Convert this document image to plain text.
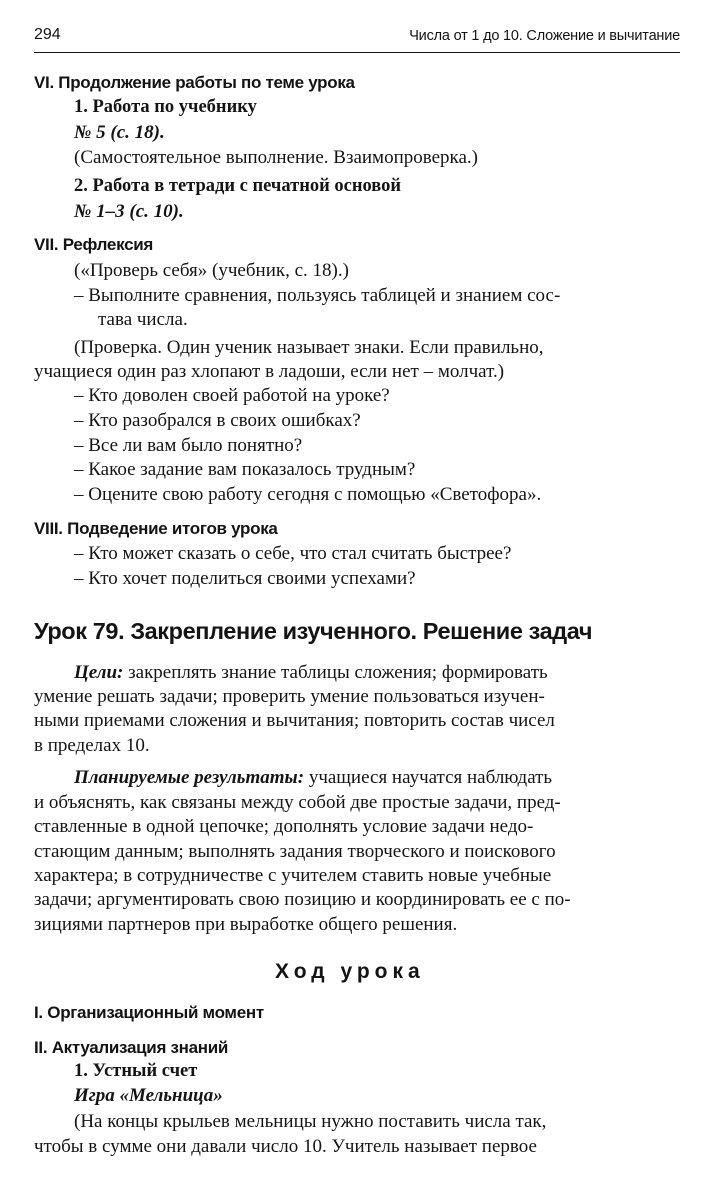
294	Числа от 1 до 10. Сложение и вычитание
VI. Продолжение работы по теме урока
1. Работа по учебнику
№ 5 (с. 18).
(Самостоятельное выполнение. Взаимопроверка.)
2. Работа в тетради с печатной основой
№ 1–3 (с. 10).
VII. Рефлексия
(«Проверь себя» (учебник, с. 18).)
– Выполните сравнения, пользуясь таблицей и знанием сос-
тава числа.
(Проверка. Один ученик называет знаки. Если правильно,
учащиеся один раз хлопают в ладоши, если нет – молчат.)
– Кто доволен своей работой на уроке?
– Кто разобрался в своих ошибках?
– Все ли вам было понятно?
– Какое задание вам показалось трудным?
– Оцените свою работу сегодня с помощью «Светофора».
VIII. Подведение итогов урока
– Кто может сказать о себе, что стал считать быстрее?
– Кто хочет поделиться своими успехами?
Урок 79. Закрепление изученного. Решение задач
Цели: закреплять знание таблицы сложения; формировать
умение решать задачи; проверить умение пользоваться изучен-
ными приемами сложения и вычитания; повторить состав чисел
в пределах 10.
Планируемые результаты: учащиеся научатся наблюдать
и объяснять, как связаны между собой две простые задачи, пред-
ставленные в одной цепочке; дополнять условие задачи недо-
стающим данным; выполнять задания творческого и поискового
характера; в сотрудничестве с учителем ставить новые учебные
задачи; аргументировать свою позицию и координировать ее с по-
зициями партнеров при выработке общего решения.
Ход урока
I. Организационный момент
II. Актуализация знаний
1. Устный счет
Игра «Мельница»
(На концы крыльев мельницы нужно поставить числа так,
чтобы в сумме они давали число 10. Учитель называет первое
